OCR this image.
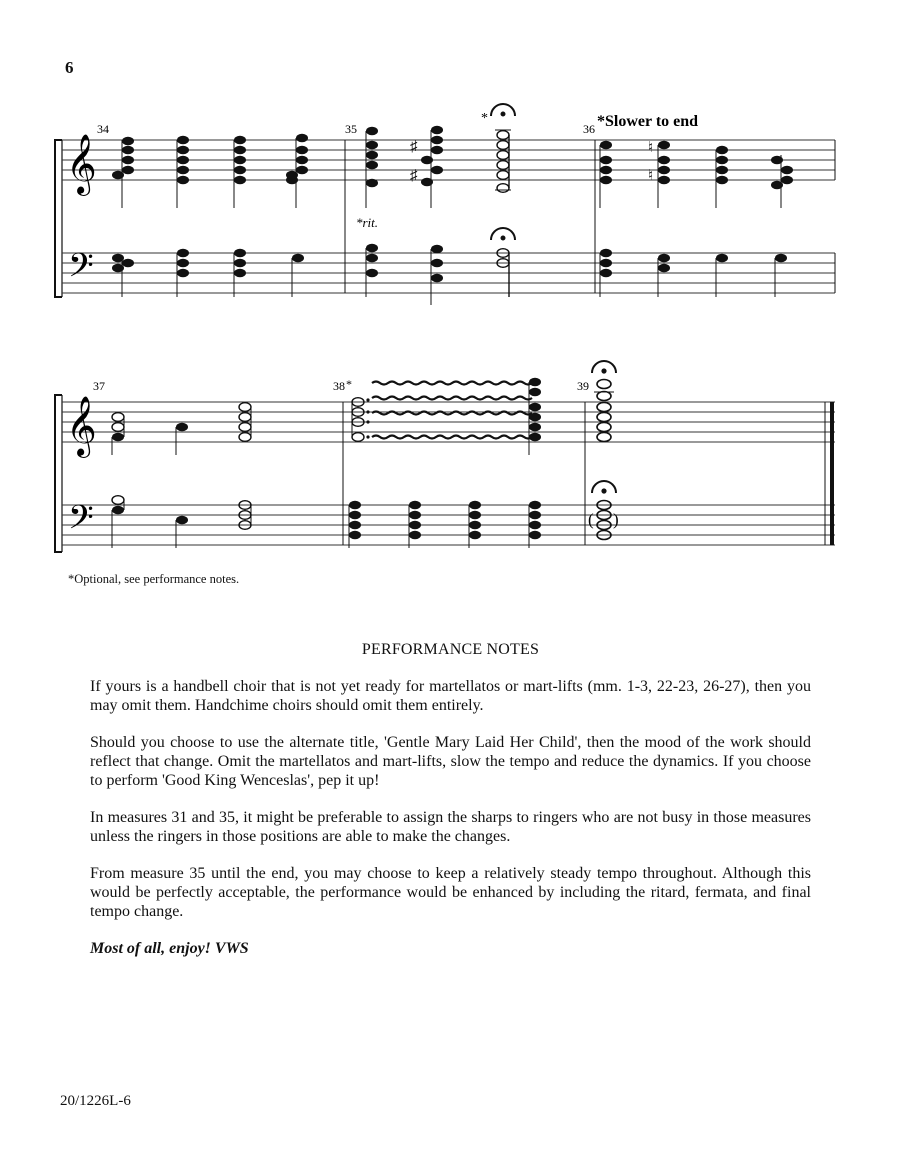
6
𝄞
𝄢
34	35	36 *Slower to end
*rit.
*
♯
♯
♮
♮
𝄞
𝄢
37	38	39
*
( )
*Optional, see performance notes.
PERFORMANCE NOTES

If yours is a handbell choir that is not yet ready for martellatos or mart-lifts (mm. 1-3, 22-23, 26-27), then you may omit them. Handchime choirs should omit them entirely.

Should you choose to use the alternate title, 'Gentle Mary Laid Her Child', then the mood of the work should reflect that change. Omit the martellatos and mart-lifts, slow the tempo and reduce the dynamics. If you choose to perform 'Good King Wenceslas', pep it up!

In measures 31 and 35, it might be preferable to assign the sharps to ringers who are not busy in those measures unless the ringers in those positions are able to make the changes.

From measure 35 until the end, you may choose to keep a relatively steady tempo throughout. Although this would be perfectly acceptable, the performance would be enhanced by including the ritard, fermata, and final tempo change.

Most of all, enjoy! VWS

20/1226L-6
